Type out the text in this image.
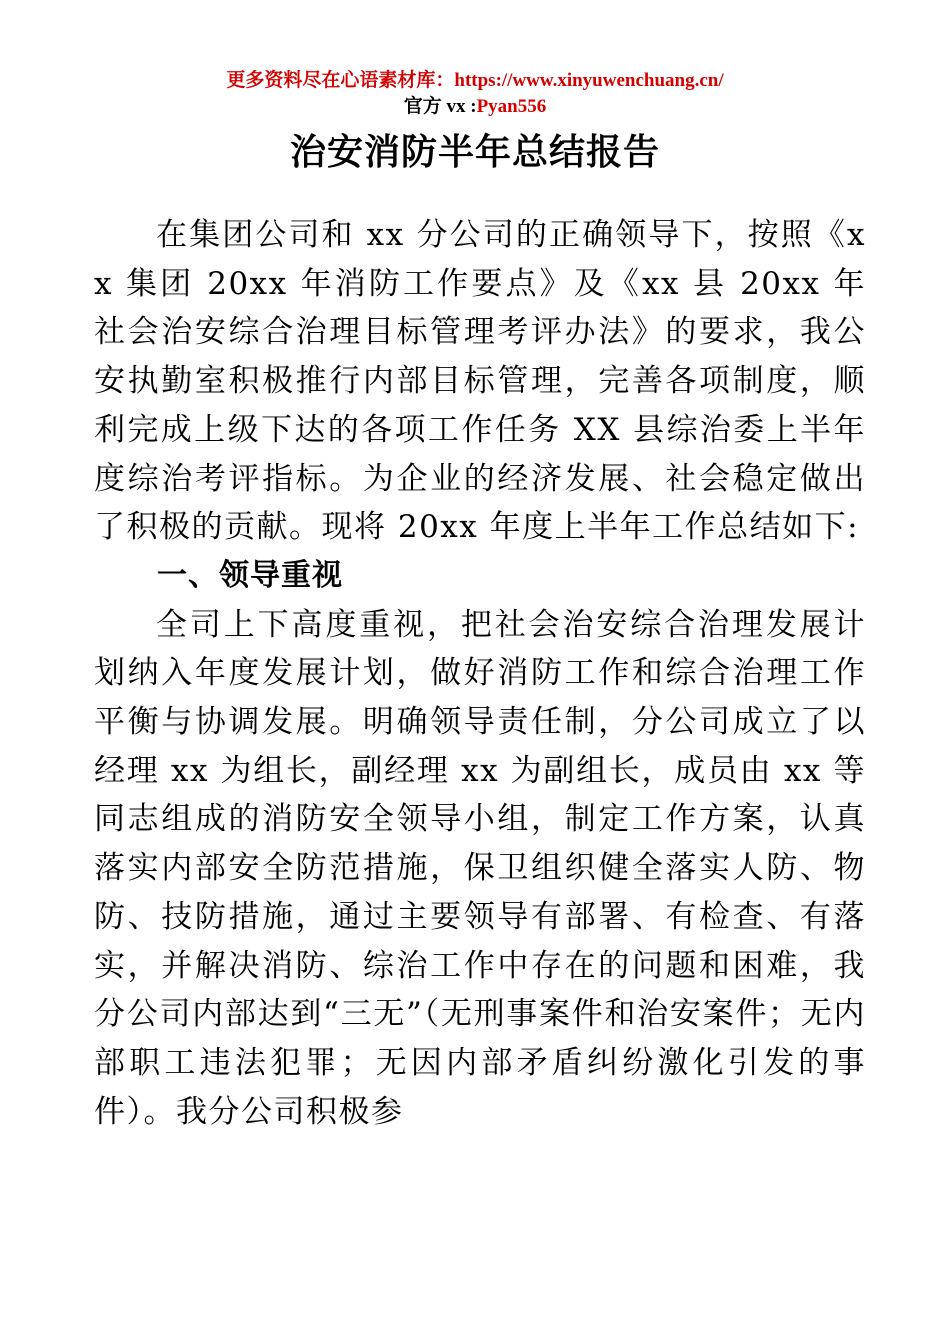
更多资料尽在心语素材库：https://www.xinyuwenchuang.cn/
官方 vx :Pyan556
治安消防半年总结报告

在集团公司和 xx 分公司的正确领导下，按照《xx 集团 20xx 年消防工作要点》及《xx 县 20xx 年社会治安综合治理目标管理考评办法》的要求，我公安执勤室积极推行内部目标管理，完善各项制度，顺利完成上级下达的各项工作任务 XX 县综治委上半年度综治考评指标。为企业的经济发展、社会稳定做出了积极的贡献。现将 20xx 年度上半年工作总结如下:

一、领导重视

全司上下高度重视，把社会治安综合治理发展计划纳入年度发展计划，做好消防工作和综合治理工作平衡与协调发展。明确领导责任制，分公司成立了以经理 xx 为组长，副经理 xx 为副组长，成员由 xx 等同志组成的消防安全领导小组，制定工作方案，认真落实内部安全防范措施，保卫组织健全落实人防、物防、技防措施，通过主要领导有部署、有检查、有落实，并解决消防、综治工作中存在的问题和困难，我分公司内部达到“三无”（无刑事案件和治安案件；无内部职工违法犯罪；无因内部矛盾纠纷激化引发的事件）。我分公司积极参
